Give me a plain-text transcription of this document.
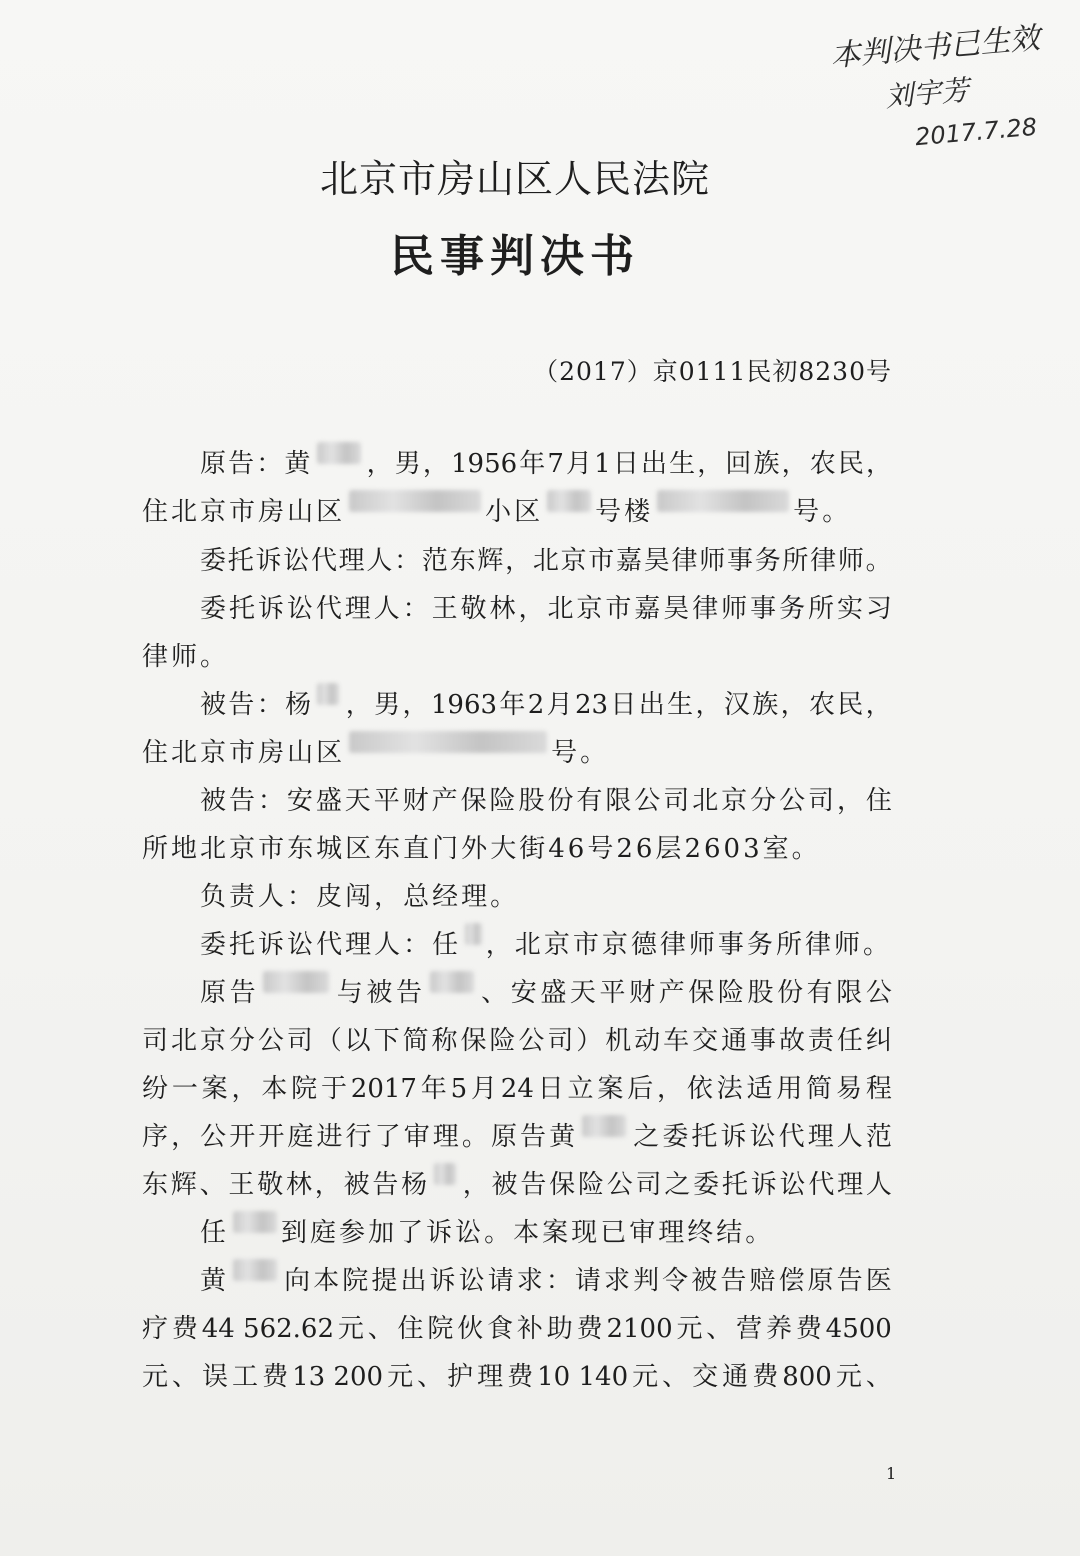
本判决书已生效
刘宇芳
2017.7.28
北京市房山区人民法院
民事判决书
（2017）京0111民初8230号
原 告 ： 黄 ， 男 ， 1956 年 7 月 1 日 出 生 ， 回 族 ， 农 民 ，
住 北 京 市 房 山 区	小 区 号 楼	号 。
委 托 诉 讼 代 理 人 ： 范 东 辉 ， 北 京 市 嘉 昊 律 师 事 务 所 律 师 。
委 托 诉 讼 代 理 人 ： 王 敬 林 ， 北 京 市 嘉 昊 律 师 事 务 所 实 习
律 师 。
被 告 ： 杨 ， 男 ， 1963 年 2 月 23 日 出 生 ， 汉 族 ， 农 民 ，
住 北 京 市 房 山 区	号 。
被 告 ： 安 盛 天 平 财 产 保 险 股 份 有 限 公 司 北 京 分 公 司 ， 住
所 地 北 京 市 东 城 区 东 直 门 外 大 街 46 号 26 层 2603 室 。
负 责 人 ： 皮 闯 ， 总 经 理 。
委 托 诉 讼 代 理 人 ： 任 ， 北 京 市 京 德 律 师 事 务 所 律 师 。
原 告	与 被 告 、 安 盛 天 平 财 产 保 险 股 份 有 限 公
司 北 京 分 公 司 （ 以 下 简 称 保 险 公 司 ） 机 动 车 交 通 事 故 责 任 纠
纷 一 案 ， 本 院 于 2017 年 5 月 24 日 立 案 后 ， 依 法 适 用 简 易 程
序 ， 公 开 开 庭 进 行 了 审 理 。 原 告 黄 之 委 托 诉 讼 代 理 人 范
东 辉 、 王 敬 林 ， 被 告 杨 ， 被 告 保 险 公 司 之 委 托 诉 讼 代 理 人
任 到 庭 参 加 了 诉 讼 。 本 案 现 已 审 理 终 结 。
黄 向 本 院 提 出 诉 讼 请 求 ： 请 求 判 令 被 告 赔 偿 原 告 医
疗 费 44 562.62 元 、 住 院 伙 食 补 助 费 2100 元 、 营 养 费 4500
元 、 误 工 费 13 200 元 、 护 理 费 10 140 元 、 交 通 费 800 元 、
1
